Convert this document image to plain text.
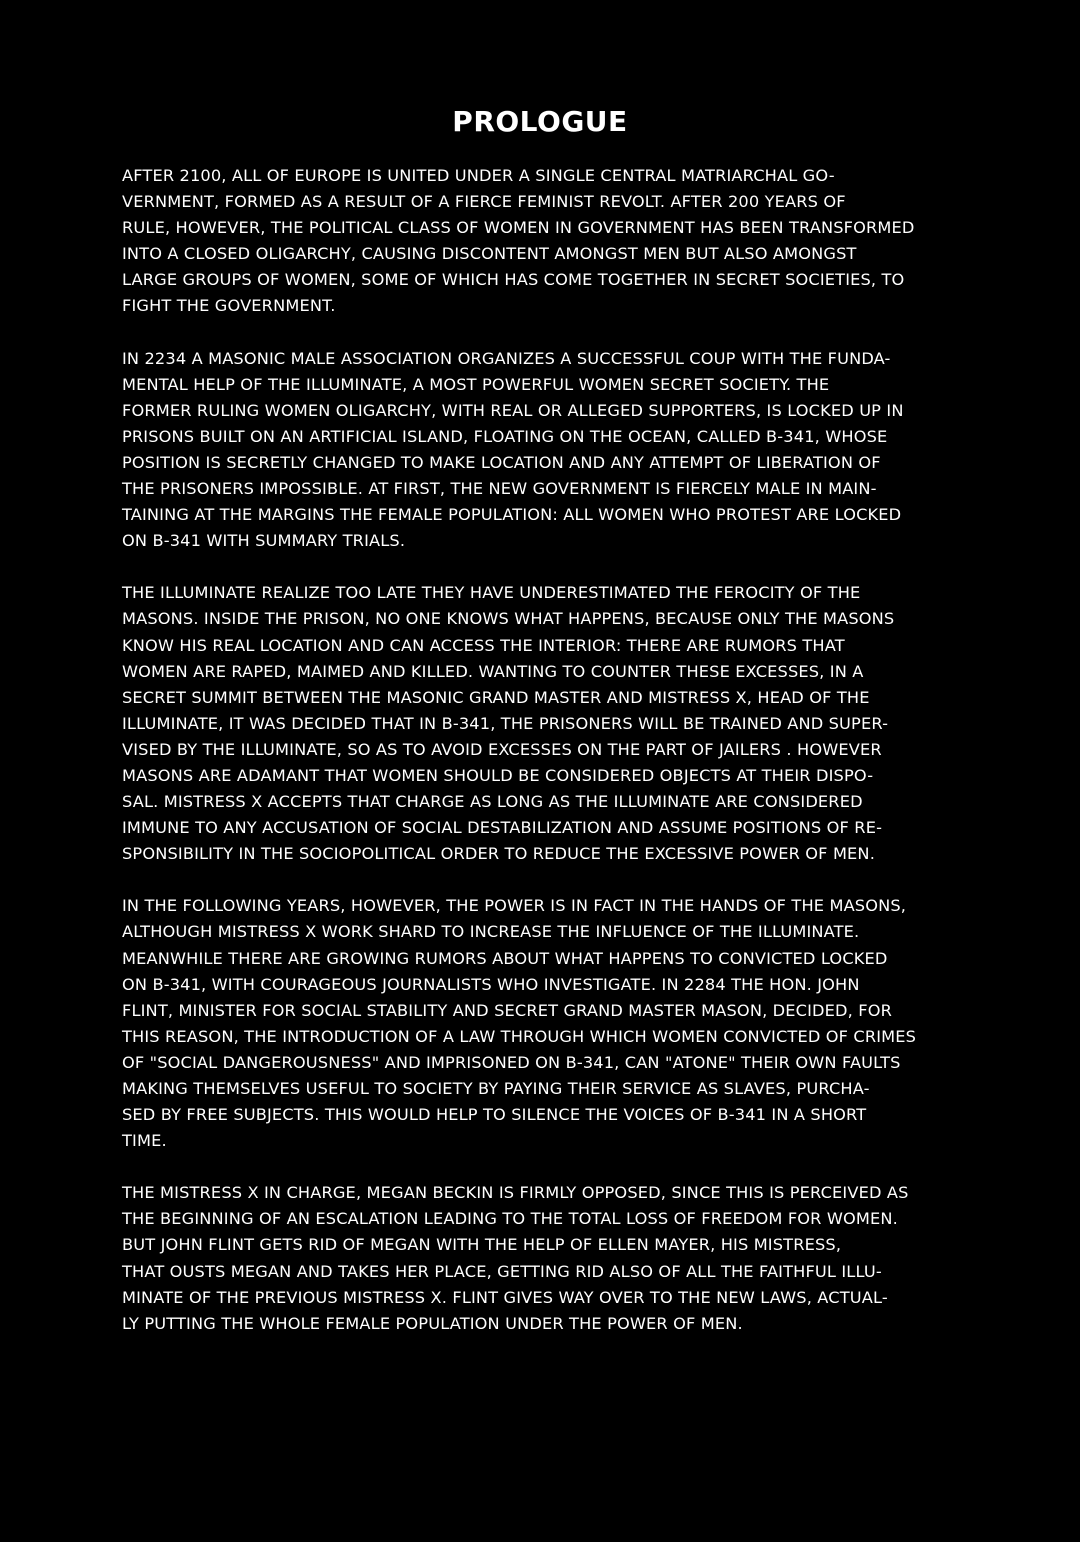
PROLOGUE

AFTER 2100, ALL OF EUROPE IS UNITED UNDER A SINGLE CENTRAL MATRIARCHAL GO-
VERNMENT, FORMED AS A RESULT OF A FIERCE FEMINIST REVOLT. AFTER 200 YEARS OF
RULE, HOWEVER, THE POLITICAL CLASS OF WOMEN IN GOVERNMENT HAS BEEN TRANSFORMED
INTO A CLOSED OLIGARCHY, CAUSING DISCONTENT AMONGST MEN BUT ALSO AMONGST
LARGE GROUPS OF WOMEN, SOME OF WHICH HAS COME TOGETHER IN SECRET SOCIETIES, TO
FIGHT THE GOVERNMENT.

IN 2234 A MASONIC MALE ASSOCIATION ORGANIZES A SUCCESSFUL COUP WITH THE FUNDA-
MENTAL HELP OF THE ILLUMINATE, A MOST POWERFUL WOMEN SECRET SOCIETY. THE
FORMER RULING WOMEN OLIGARCHY, WITH REAL OR ALLEGED SUPPORTERS, IS LOCKED UP IN
PRISONS BUILT ON AN ARTIFICIAL ISLAND, FLOATING ON THE OCEAN, CALLED B-341, WHOSE
POSITION IS SECRETLY CHANGED TO MAKE LOCATION AND ANY ATTEMPT OF LIBERATION OF
THE PRISONERS IMPOSSIBLE. AT FIRST, THE NEW GOVERNMENT IS FIERCELY MALE IN MAIN-
TAINING AT THE MARGINS THE FEMALE POPULATION: ALL WOMEN WHO PROTEST ARE LOCKED
ON B-341 WITH SUMMARY TRIALS.

THE ILLUMINATE REALIZE TOO LATE THEY HAVE UNDERESTIMATED THE FEROCITY OF THE
MASONS. INSIDE THE PRISON, NO ONE KNOWS WHAT HAPPENS, BECAUSE ONLY THE MASONS
KNOW HIS REAL LOCATION AND CAN ACCESS THE INTERIOR: THERE ARE RUMORS THAT
WOMEN ARE RAPED, MAIMED AND KILLED. WANTING TO COUNTER THESE EXCESSES, IN A
SECRET SUMMIT BETWEEN THE MASONIC GRAND MASTER AND MISTRESS X, HEAD OF THE
ILLUMINATE, IT WAS DECIDED THAT IN B-341, THE PRISONERS WILL BE TRAINED AND SUPER-
VISED BY THE ILLUMINATE, SO AS TO AVOID EXCESSES ON THE PART OF JAILERS . HOWEVER
MASONS ARE ADAMANT THAT WOMEN SHOULD BE CONSIDERED OBJECTS AT THEIR DISPO-
SAL. MISTRESS X ACCEPTS THAT CHARGE AS LONG AS THE ILLUMINATE ARE CONSIDERED
IMMUNE TO ANY ACCUSATION OF SOCIAL DESTABILIZATION AND ASSUME POSITIONS OF RE-
SPONSIBILITY IN THE SOCIOPOLITICAL ORDER TO REDUCE THE EXCESSIVE POWER OF MEN.

IN THE FOLLOWING YEARS, HOWEVER, THE POWER IS IN FACT IN THE HANDS OF THE MASONS,
ALTHOUGH MISTRESS X WORK SHARD TO INCREASE THE INFLUENCE OF THE ILLUMINATE.
MEANWHILE THERE ARE GROWING RUMORS ABOUT WHAT HAPPENS TO CONVICTED LOCKED
ON B-341, WITH COURAGEOUS JOURNALISTS WHO INVESTIGATE. IN 2284 THE HON. JOHN
FLINT, MINISTER FOR SOCIAL STABILITY AND SECRET GRAND MASTER MASON, DECIDED, FOR
THIS REASON, THE INTRODUCTION OF A LAW THROUGH WHICH WOMEN CONVICTED OF CRIMES
OF "SOCIAL DANGEROUSNESS" AND IMPRISONED ON B-341, CAN "ATONE" THEIR OWN FAULTS
MAKING THEMSELVES USEFUL TO SOCIETY BY PAYING THEIR SERVICE AS SLAVES, PURCHA-
SED BY FREE SUBJECTS. THIS WOULD HELP TO SILENCE THE VOICES OF B-341 IN A SHORT
TIME.

THE MISTRESS X IN CHARGE, MEGAN BECKIN IS FIRMLY OPPOSED, SINCE THIS IS PERCEIVED AS
THE BEGINNING OF AN ESCALATION LEADING TO THE TOTAL LOSS OF FREEDOM FOR WOMEN.
BUT JOHN FLINT GETS RID OF MEGAN WITH THE HELP OF ELLEN MAYER, HIS MISTRESS,
THAT OUSTS MEGAN AND TAKES HER PLACE, GETTING RID ALSO OF ALL THE FAITHFUL ILLU-
MINATE OF THE PREVIOUS MISTRESS X. FLINT GIVES WAY OVER TO THE NEW LAWS, ACTUAL-
LY PUTTING THE WHOLE FEMALE POPULATION UNDER THE POWER OF MEN.
